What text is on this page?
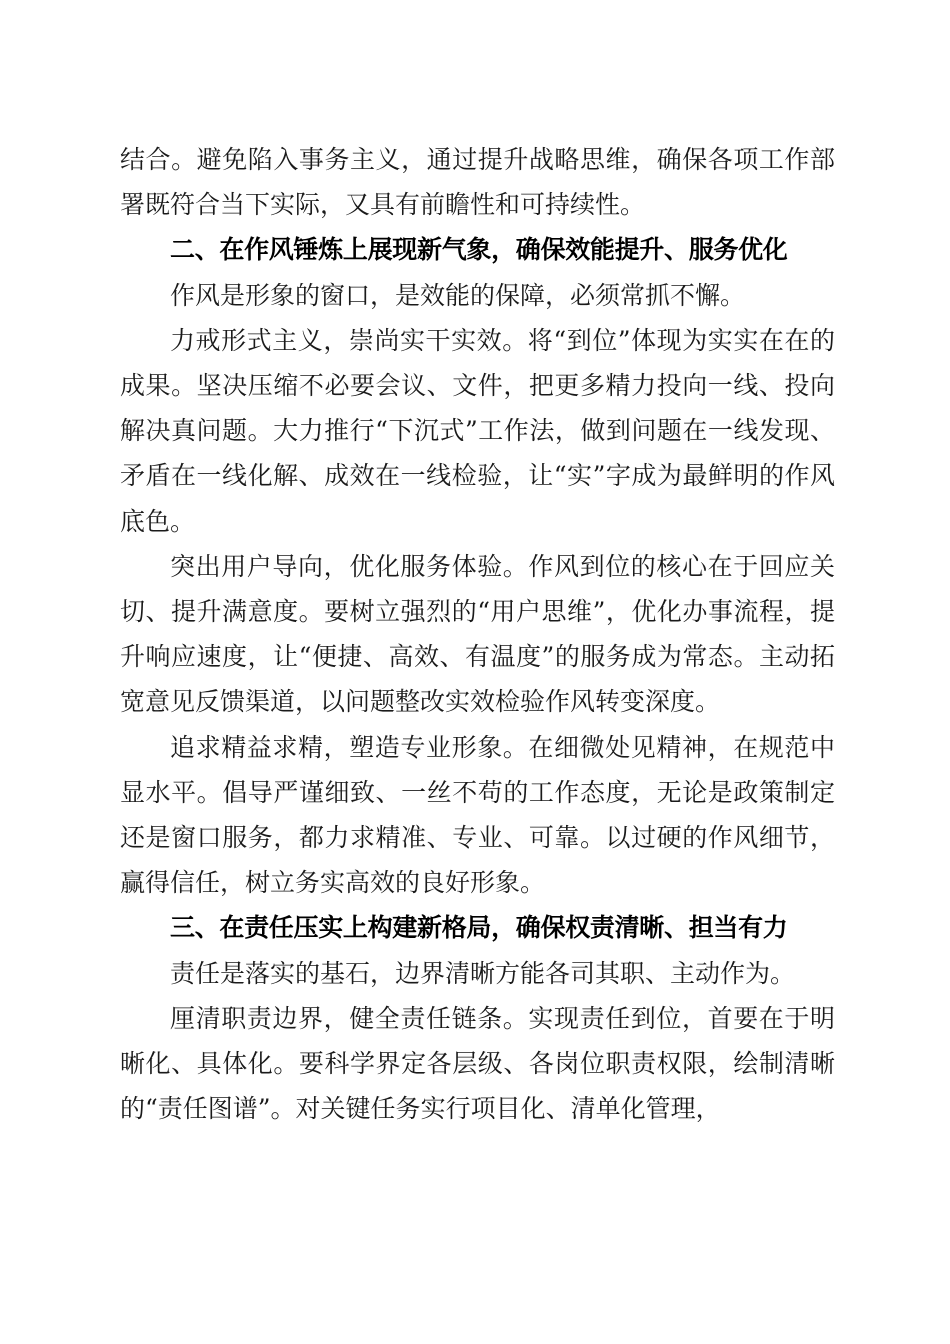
结合。避免陷入事务主义，通过提升战略思维，确保各项工作部署既符合当下实际，又具有前瞻性和可持续性。

二、在作风锤炼上展现新气象，确保效能提升、服务优化

作风是形象的窗口，是效能的保障，必须常抓不懈。

力戒形式主义，崇尚实干实效。将“到位”体现为实实在在的成果。坚决压缩不必要会议、文件，把更多精力投向一线、投向解决真问题。大力推行“下沉式”工作法，做到问题在一线发现、矛盾在一线化解、成效在一线检验，让“实”字成为最鲜明的作风底色。

突出用户导向，优化服务体验。作风到位的核心在于回应关切、提升满意度。要树立强烈的“用户思维”，优化办事流程，提升响应速度，让“便捷、高效、有温度”的服务成为常态。主动拓宽意见反馈渠道，以问题整改实效检验作风转变深度。

追求精益求精，塑造专业形象。在细微处见精神，在规范中显水平。倡导严谨细致、一丝不苟的工作态度，无论是政策制定还是窗口服务，都力求精准、专业、可靠。以过硬的作风细节，赢得信任，树立务实高效的良好形象。

三、在责任压实上构建新格局，确保权责清晰、担当有力

责任是落实的基石，边界清晰方能各司其职、主动作为。

厘清职责边界，健全责任链条。实现责任到位，首要在于明晰化、具体化。要科学界定各层级、各岗位职责权限，绘制清晰的“责任图谱”。对关键任务实行项目化、清单化管理，
